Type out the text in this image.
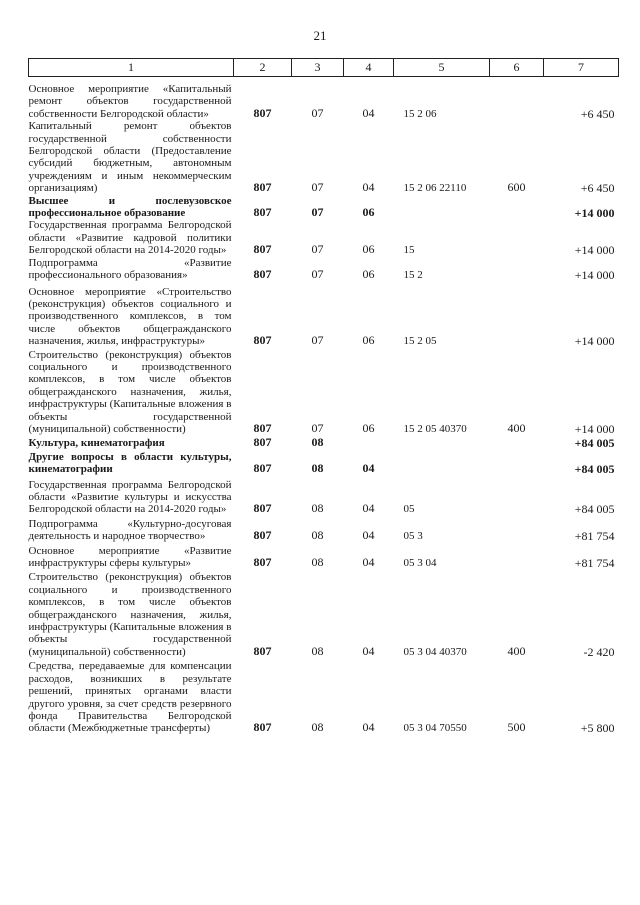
21
1	2	3	4	5	6	7
Основное мероприятие «Капитальный ремонт объектов государственной собственности Белгородской области»	807	07	04	15 2 06		+6 450
Капитальный ремонт объектов государственной собственности Белгородской области (Предоставление субсидий бюджетным, автономным учреждениям и иным некоммерческим организациям)	807	07	04	15 2 06 22110	600	+6 450
Высшее и послевузовское профессиональное образование	807	07	06			+14 000
Государственная программа Белгородской области «Развитие кадровой политики Белгородской области на 2014-2020 годы»	807	07	06	15		+14 000
Подпрограмма «Развитие профессионального образования»	807	07	06	15 2		+14 000
Основное мероприятие «Строительство (реконструкция) объектов социального и производственного комплексов, в том числе объектов общегражданского назначения, жилья, инфраструктуры»	807	07	06	15 2 05		+14 000
Строительство (реконструкция) объектов социального и производственного комплексов, в том числе объектов общегражданского назначения, жилья, инфраструктуры (Капитальные вложения в объекты государственной (муниципальной) собственности)	807	07	06	15 2 05 40370	400	+14 000
Культура, кинематография	807	08				+84 005
Другие вопросы в области культуры, кинематографии	807	08	04			+84 005
Государственная программа Белгородской области «Развитие культуры и искусства Белгородской области на 2014-2020 годы»	807	08	04	05		+84 005
Подпрограмма «Культурно-досуговая деятельность и народное творчество»	807	08	04	05 3		+81 754
Основное мероприятие «Развитие инфраструктуры сферы культуры»	807	08	04	05 3 04		+81 754
Строительство (реконструкция) объектов социального и производственного комплексов, в том числе объектов общегражданского назначения, жилья, инфраструктуры (Капитальные вложения в объекты государственной (муниципальной) собственности)	807	08	04	05 3 04 40370	400	-2 420
Средства, передаваемые для компенсации расходов, возникших в результате решений, принятых органами власти другого уровня, за счет средств резервного фонда Правительства Белгородской области (Межбюджетные трансферты)	807	08	04	05 3 04 70550	500	+5 800
